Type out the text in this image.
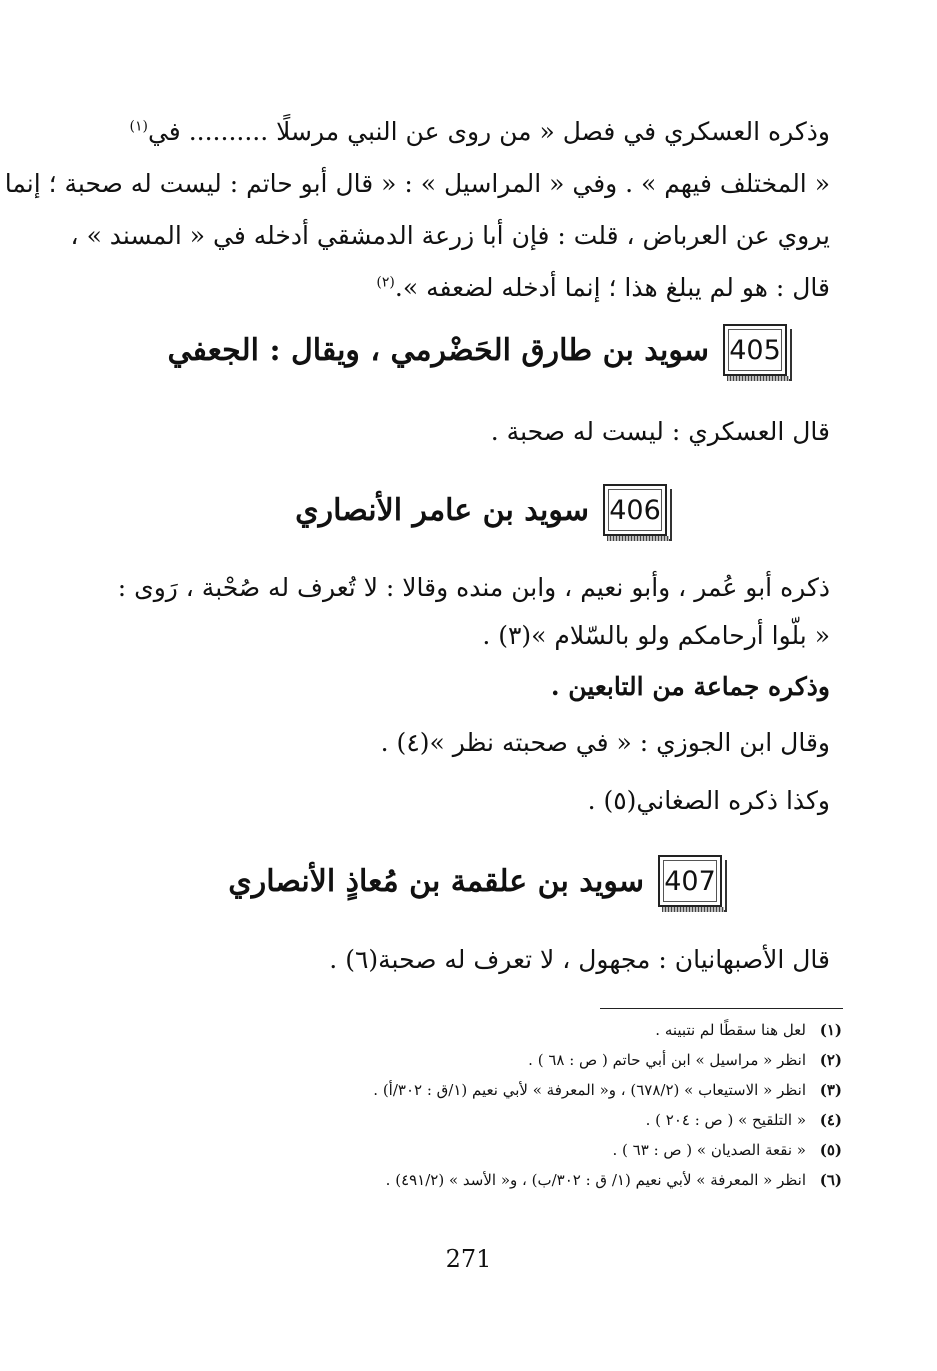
وذكره العسكري في فصل « من روى عن النبي مرسلًا .......... في$^{(١)}$
« المختلف فيهم » . وفي « المراسيل » : « قال أبو حاتم : ليست له صحبة ؛ إنما
يروي عن العرباض ، قلت : فإن أبا زرعة الدمشقي أدخله في « المسند » ،
قال : هو لم يبلغ هذا ؛ إنما أدخله لضعفه ».$^{(٢)}$
405
سويد بن طارق الحَضْرمي ، ويقال : الجعفي
قال العسكري : ليست له صحبة .
406
سويد بن عامر الأنصاري
ذكره أبو عُمر ، وأبو نعيم ، وابن منده وقالا : لا تُعرف له صُحْبة ، رَوى :
« بلّوا أرحامكم ولو بالسّلام »(٣) .
وذكره جماعة من التابعين .
وقال ابن الجوزي : « في صحبته نظر »(٤) .
وكذا ذكره الصغاني(٥) .
407
سويد بن علقمة بن مُعاذٍ الأنصاري
قال الأصبهانيان : مجهول ، لا تعرف له صحبة(٦) .
(١)
لعل هنا سقطًا لم نتبينه .
(٢)
انظر « مراسيل » ابن أبي حاتم ( ص : ٦٨ ) .
(٣)
انظر « الاستيعاب » (٦٧٨/٢) ، و« المعرفة » لأبي نعيم (١/ق : ٣٠٢/أ) .
(٤)
« التلقيح » ( ص : ٢٠٤ ) .
(٥)
« نقعة الصديان » ( ص : ٦٣ ) .
(٦)
انظر « المعرفة » لأبي نعيم (١/ ق : ٣٠٢/ب) ، و« الأسد » (٤٩١/٢) .
271
